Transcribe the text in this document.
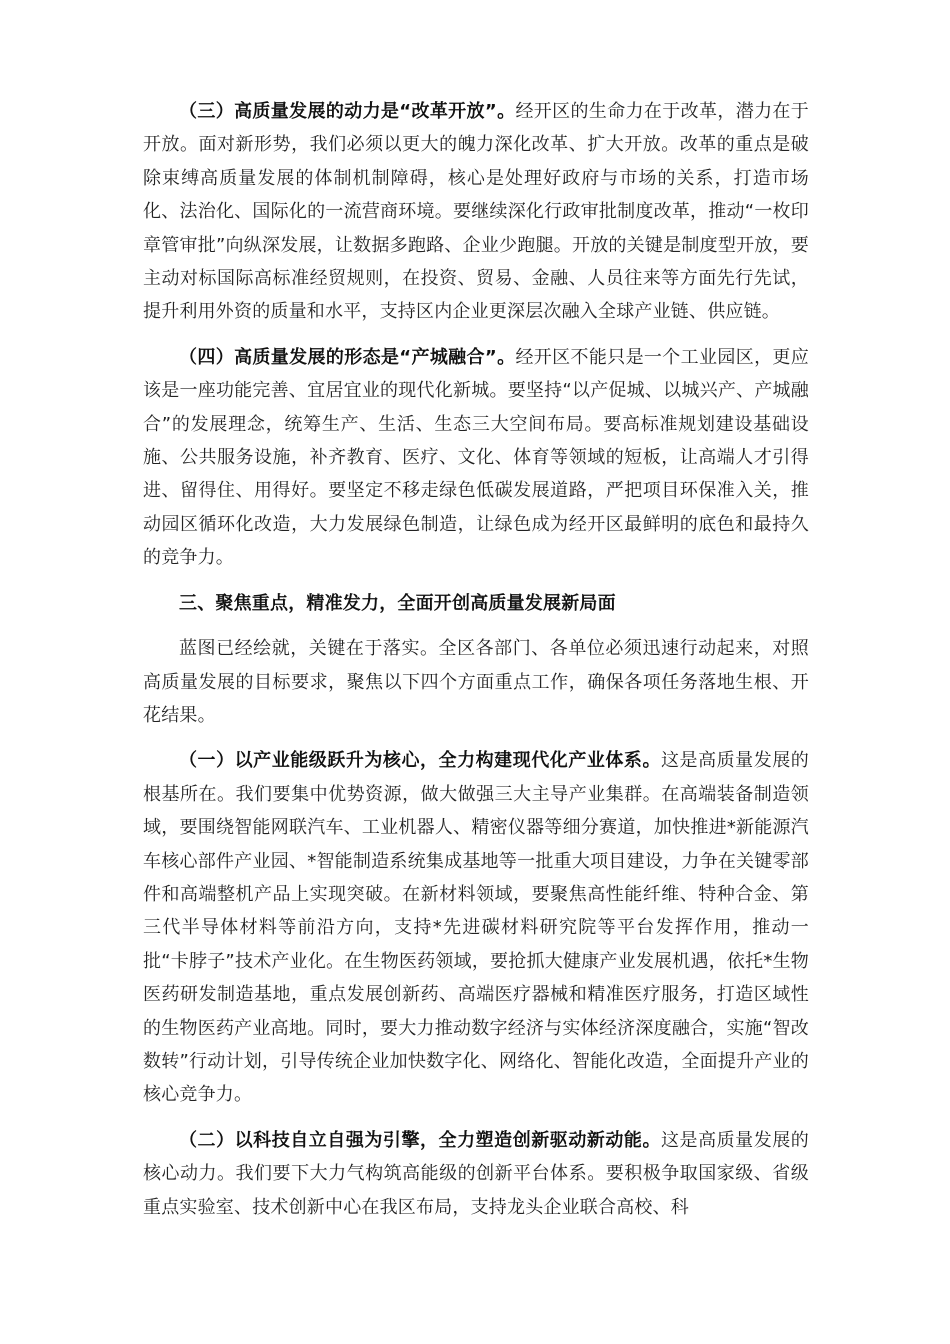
（三）高质量发展的动力是“改革开放”。经开区的生命力在于改革，潜力在于开放。面对新形势，我们必须以更大的魄力深化改革、扩大开放。改革的重点是破除束缚高质量发展的体制机制障碍，核心是处理好政府与市场的关系，打造市场化、法治化、国际化的一流营商环境。要继续深化行政审批制度改革，推动“一枚印章管审批”向纵深发展，让数据多跑路、企业少跑腿。开放的关键是制度型开放，要主动对标国际高标准经贸规则，在投资、贸易、金融、人员往来等方面先行先试，提升利用外资的质量和水平，支持区内企业更深层次融入全球产业链、供应链。

（四）高质量发展的形态是“产城融合”。经开区不能只是一个工业园区，更应该是一座功能完善、宜居宜业的现代化新城。要坚持“以产促城、以城兴产、产城融合”的发展理念，统筹生产、生活、生态三大空间布局。要高标准规划建设基础设施、公共服务设施，补齐教育、医疗、文化、体育等领域的短板，让高端人才引得进、留得住、用得好。要坚定不移走绿色低碳发展道路，严把项目环保准入关，推动园区循环化改造，大力发展绿色制造，让绿色成为经开区最鲜明的底色和最持久的竞争力。

三、聚焦重点，精准发力，全面开创高质量发展新局面

蓝图已经绘就，关键在于落实。全区各部门、各单位必须迅速行动起来，对照高质量发展的目标要求，聚焦以下四个方面重点工作，确保各项任务落地生根、开花结果。

（一）以产业能级跃升为核心，全力构建现代化产业体系。这是高质量发展的根基所在。我们要集中优势资源，做大做强三大主导产业集群。在高端装备制造领域，要围绕智能网联汽车、工业机器人、精密仪器等细分赛道，加快推进*新能源汽车核心部件产业园、*智能制造系统集成基地等一批重大项目建设，力争在关键零部件和高端整机产品上实现突破。在新材料领域，要聚焦高性能纤维、特种合金、第三代半导体材料等前沿方向，支持*先进碳材料研究院等平台发挥作用，推动一批“卡脖子”技术产业化。在生物医药领域，要抢抓大健康产业发展机遇，依托*生物医药研发制造基地，重点发展创新药、高端医疗器械和精准医疗服务，打造区域性的生物医药产业高地。同时，要大力推动数字经济与实体经济深度融合，实施“智改数转”行动计划，引导传统企业加快数字化、网络化、智能化改造，全面提升产业的核心竞争力。

（二）以科技自立自强为引擎，全力塑造创新驱动新动能。这是高质量发展的核心动力。我们要下大力气构筑高能级的创新平台体系。要积极争取国家级、省级重点实验室、技术创新中心在我区布局，支持龙头企业联合高校、科
